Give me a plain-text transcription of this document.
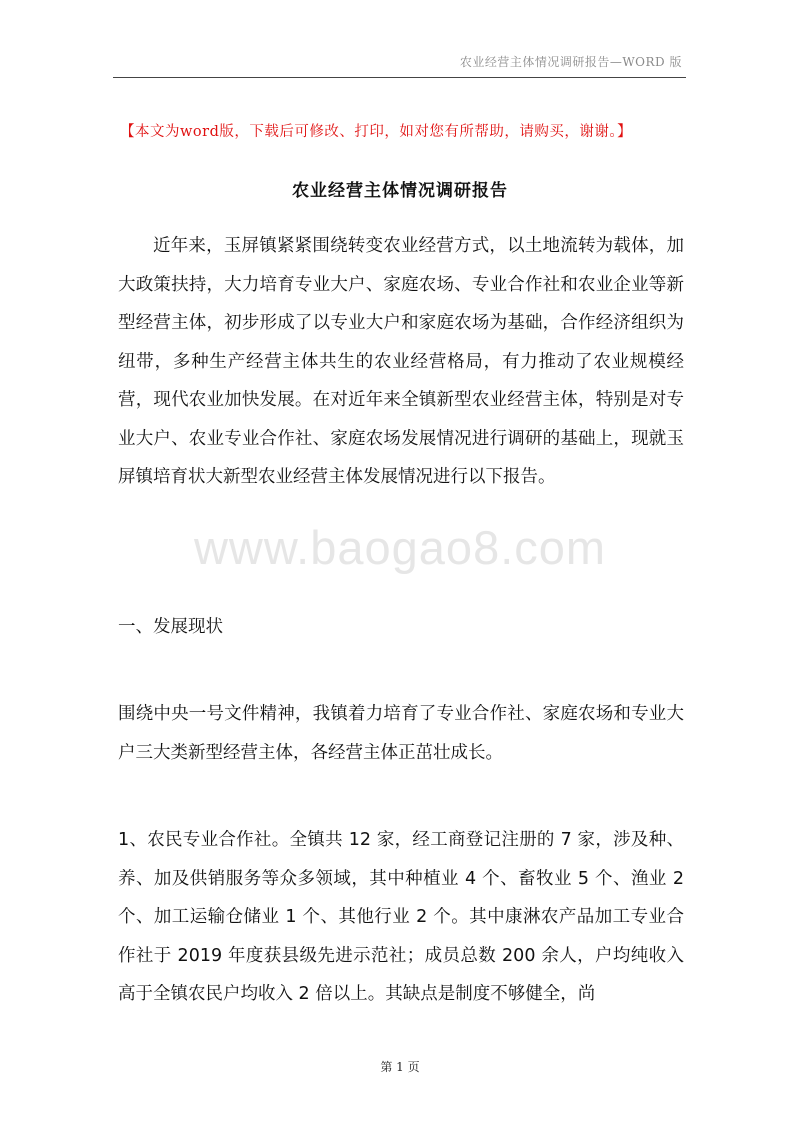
农业经营主体情况调研报告—WORD 版
【本文为word版，下载后可修改、打印，如对您有所帮助，请购买，谢谢。】
农业经营主体情况调研报告
近年来，玉屏镇紧紧围绕转变农业经营方式，以土地流转为载体，加大政策扶持，大力培育专业大户、家庭农场、专业合作社和农业企业等新型经营主体，初步形成了以专业大户和家庭农场为基础，合作经济组织为纽带，多种生产经营主体共生的农业经营格局，有力推动了农业规模经营，现代农业加快发展。在对近年来全镇新型农业经营主体，特别是对专业大户、农业专业合作社、家庭农场发展情况进行调研的基础上，现就玉屏镇培育状大新型农业经营主体发展情况进行以下报告。
www.baogao8.com
一、发展现状
围绕中央一号文件精神，我镇着力培育了专业合作社、家庭农场和专业大户三大类新型经营主体，各经营主体正茁壮成长。
1、农民专业合作社。全镇共 12 家，经工商登记注册的 7 家，涉及种、养、加及供销服务等众多领域，其中种植业 4 个、畜牧业 5 个、渔业 2 个、加工运输仓储业 1 个、其他行业 2 个。其中康淋农产品加工专业合作社于 2019 年度获县级先进示范社；成员总数 200 余人，户均纯收入高于全镇农民户均收入 2 倍以上。其缺点是制度不够健全，尚
第 1 页
